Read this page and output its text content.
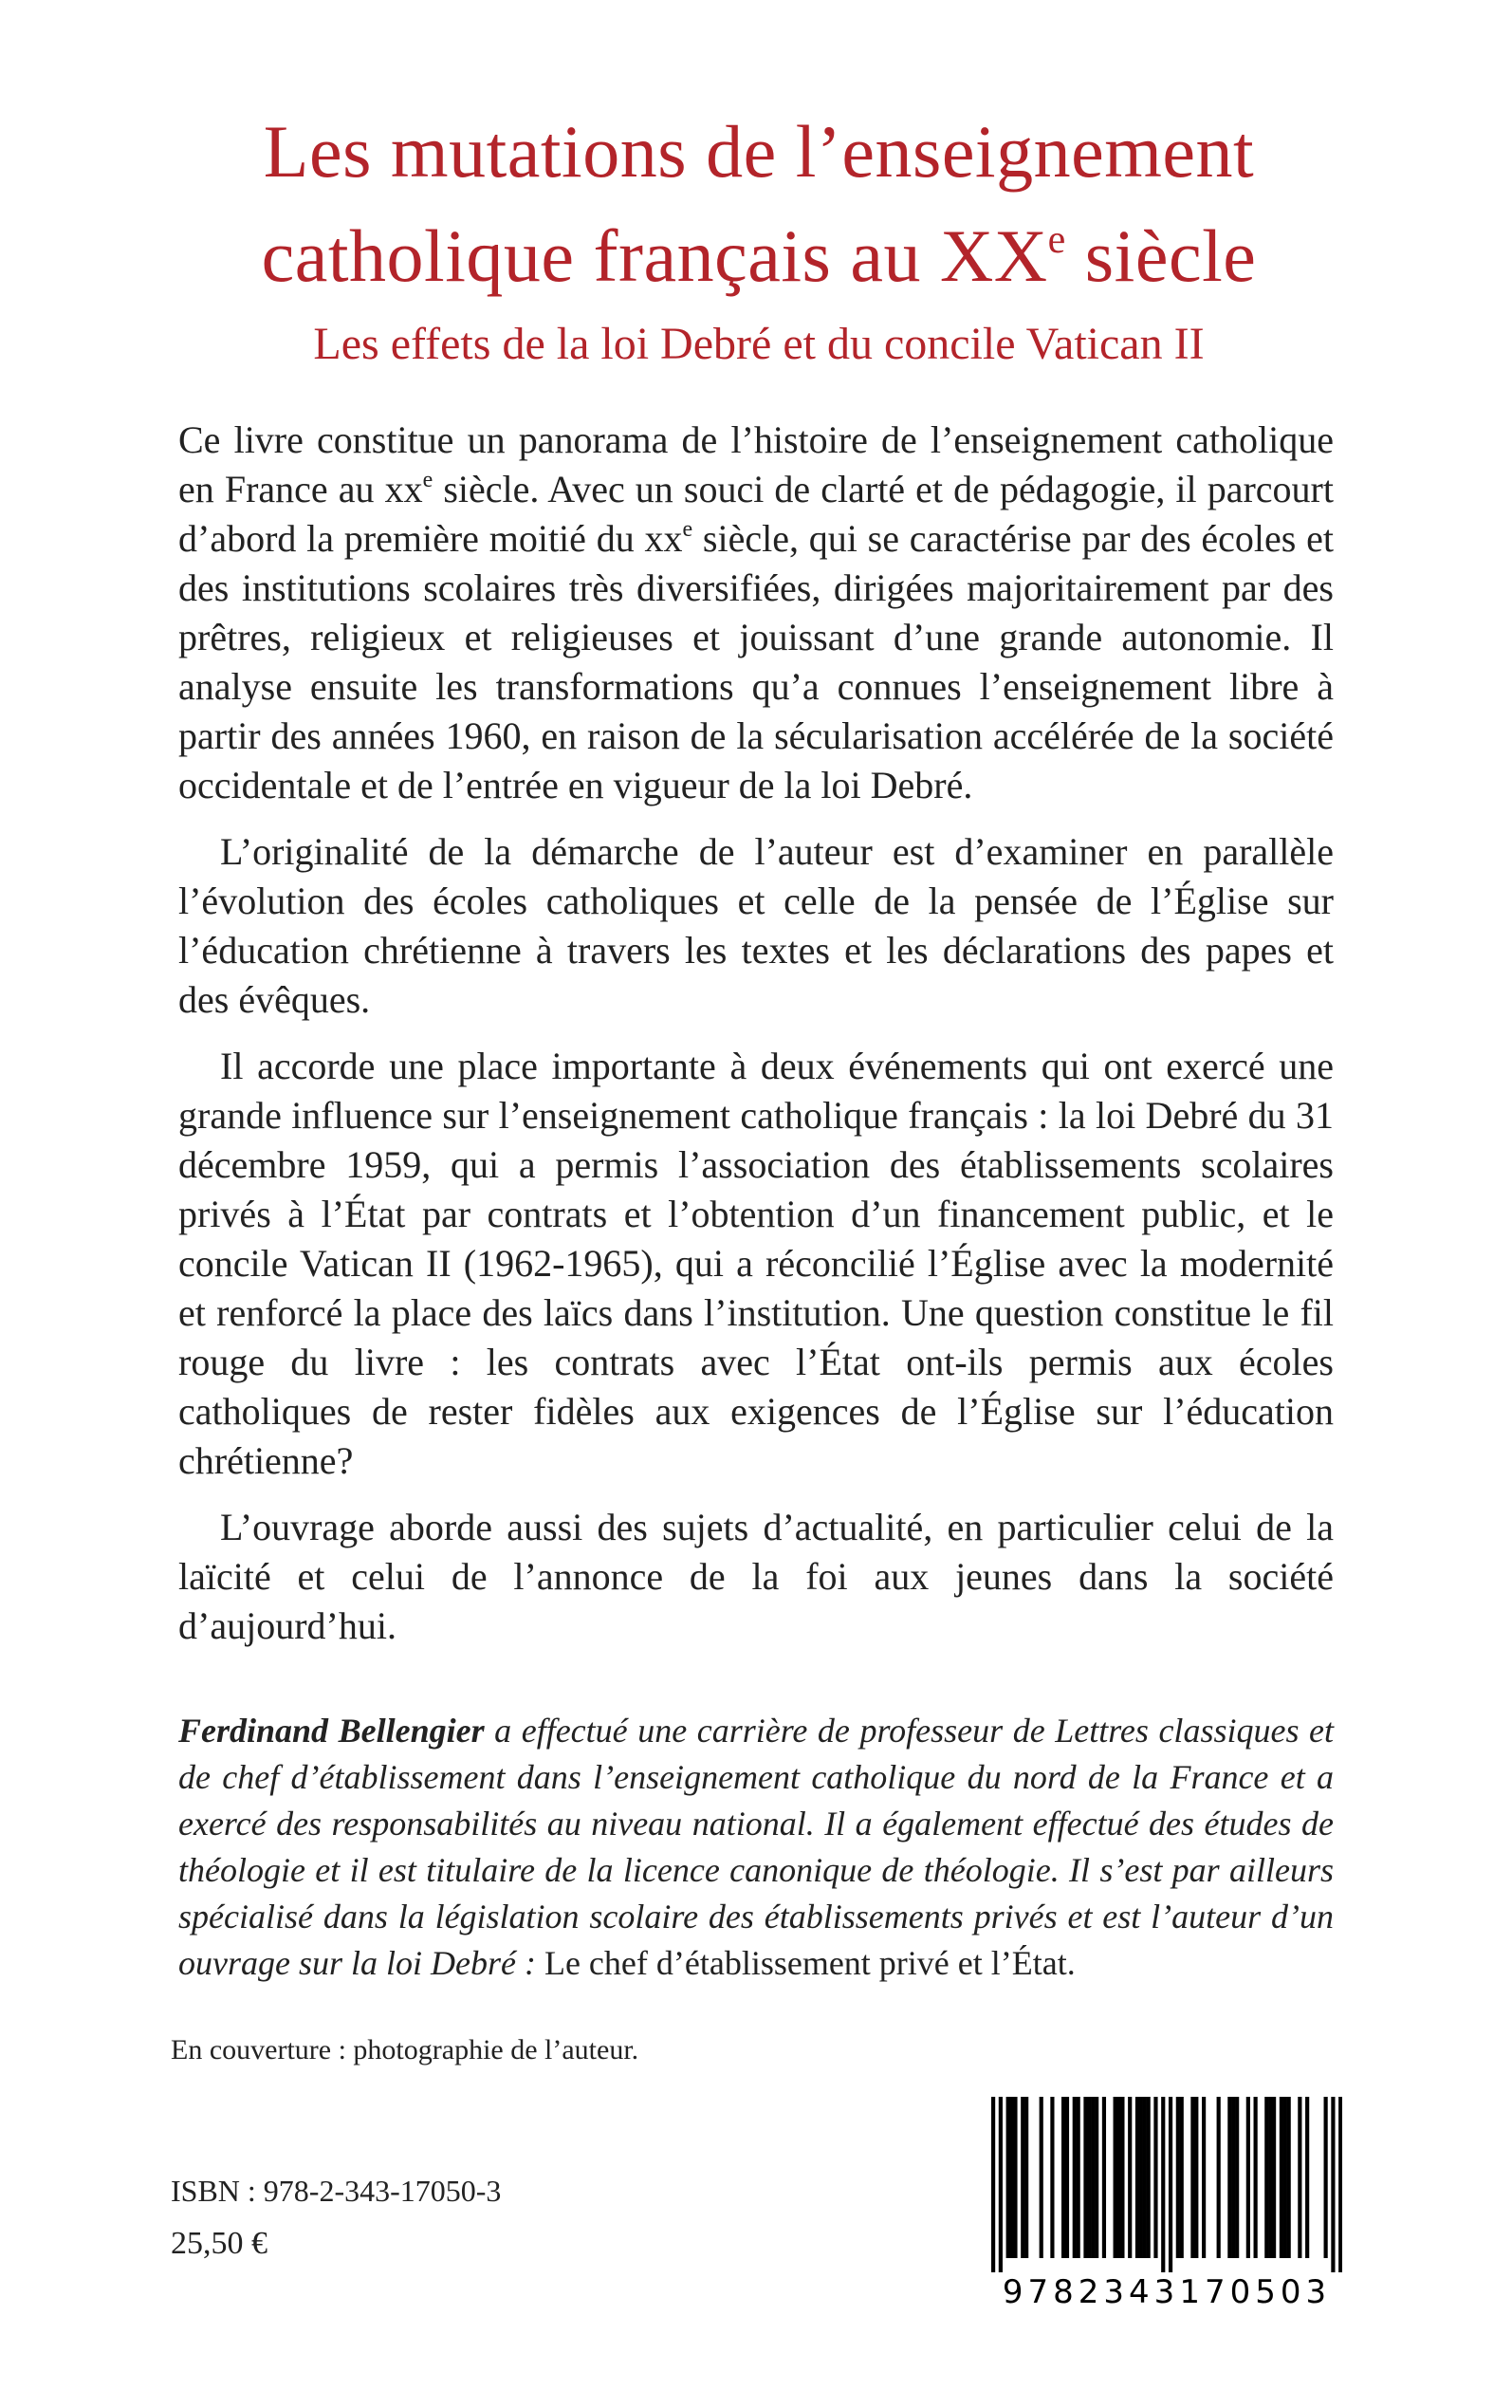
Les mutations de l’enseignement
catholique français au XXe siècle
Les effets de la loi Debré et du concile Vatican II

Ce livre constitue un panorama de l’histoire de l’enseignement catholique en France au $xx^e$ siècle. Avec un souci de clarté et de pédagogie, il parcourt d’abord la première moitié du $xx^e$ siècle, qui se caractérise par des écoles et des institutions scolaires très diversifiées, dirigées majoritairement par des prêtres, religieux et religieuses et jouissant d’une grande autonomie. Il analyse ensuite les transformations qu’a connues l’enseignement libre à partir des années 1960, en raison de la sécularisation accélérée de la société occidentale et de l’entrée en vigueur de la loi Debré.

L’originalité de la démarche de l’auteur est d’examiner en parallèle l’évolution des écoles catholiques et celle de la pensée de l’Église sur l’éducation chrétienne à travers les textes et les déclarations des papes et des évêques.

Il accorde une place importante à deux événements qui ont exercé une grande influence sur l’enseignement catholique français : la loi Debré du 31 décembre 1959, qui a permis l’association des établissements scolaires privés à l’État par contrats et l’obtention d’un financement public, et le concile Vatican II (1962-1965), qui a réconcilié l’Église avec la modernité et renforcé la place des laïcs dans l’institution. Une question constitue le fil rouge du livre : les contrats avec l’État ont-ils permis aux écoles catholiques de rester fidèles aux exigences de l’Église sur l’éducation chrétienne?

L’ouvrage aborde aussi des sujets d’actualité, en particulier celui de la laïcité et celui de l’annonce de la foi aux jeunes dans la société d’aujourd’hui.

Ferdinand Bellengier a effectué une carrière de professeur de Lettres classiques et de chef d’établissement dans l’enseignement catholique du nord de la France et a exercé des responsabilités au niveau national. Il a également effectué des études de théologie et il est titulaire de la licence canonique de théologie. Il s’est par ailleurs spécialisé dans la législation scolaire des établissements privés et est l’auteur d’un ouvrage sur la loi Debré : Le chef d’établissement privé et l’État.

En couverture : photographie de l’auteur.
ISBN : 978-2-343-17050-3
25,50 €
9782343170503
